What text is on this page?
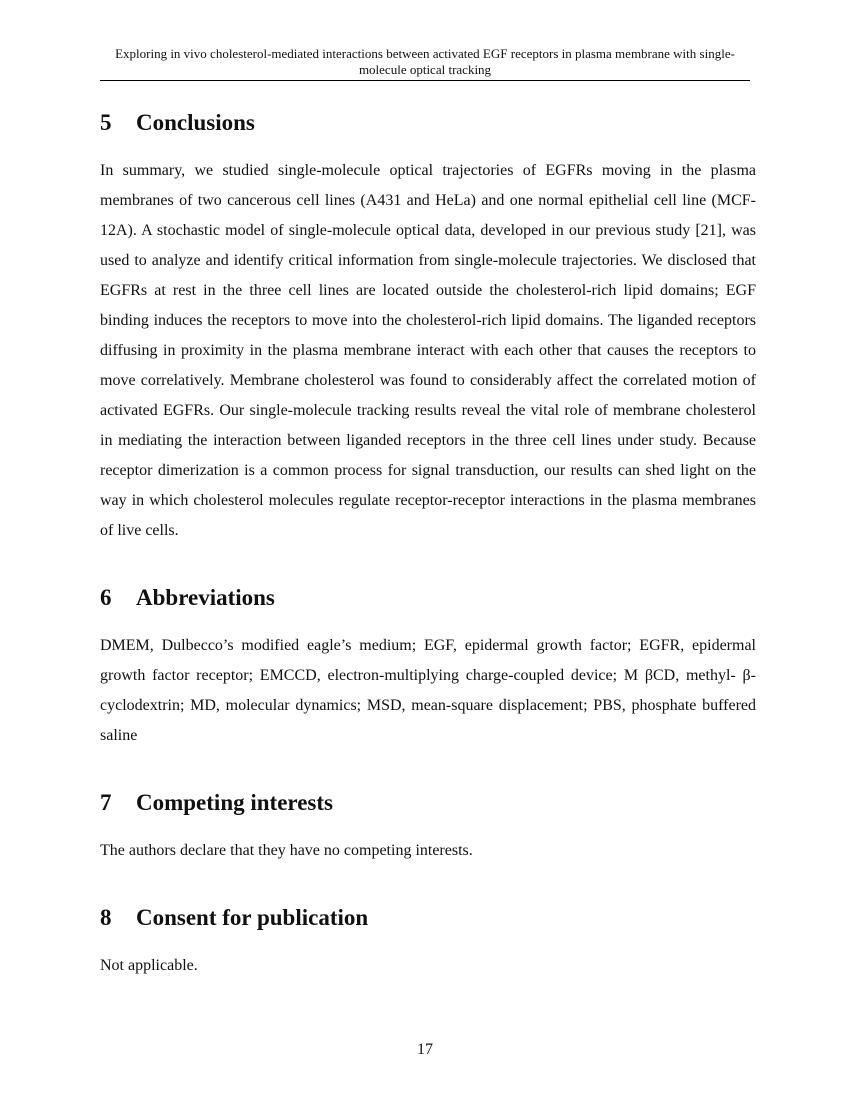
Exploring in vivo cholesterol-mediated interactions between activated EGF receptors in plasma membrane with single-molecule optical tracking
5 Conclusions

In summary, we studied single-molecule optical trajectories of EGFRs moving in the plasma membranes of two cancerous cell lines (A431 and HeLa) and one normal epithelial cell line (MCF-12A). A stochastic model of single-molecule optical data, developed in our previous study [21], was used to analyze and identify critical information from single-molecule trajectories. We disclosed that EGFRs at rest in the three cell lines are located outside the cholesterol-rich lipid domains; EGF binding induces the receptors to move into the cholesterol-rich lipid domains. The liganded receptors diffusing in proximity in the plasma membrane interact with each other that causes the receptors to move correlatively. Membrane cholesterol was found to considerably affect the correlated motion of activated EGFRs. Our single-molecule tracking results reveal the vital role of membrane cholesterol in mediating the interaction between liganded receptors in the three cell lines under study. Because receptor dimerization is a common process for signal transduction, our results can shed light on the way in which cholesterol molecules regulate receptor-receptor interactions in the plasma membranes of live cells.

6 Abbreviations

DMEM, Dulbecco’s modified eagle’s medium; EGF, epidermal growth factor; EGFR, epidermal growth factor receptor; EMCCD, electron-multiplying charge-coupled device; M βCD, methyl- β-cyclodextrin; MD, molecular dynamics; MSD, mean-square displacement; PBS, phosphate buffered saline

7 Competing interests

The authors declare that they have no competing interests.

8 Consent for publication

Not applicable.

17
